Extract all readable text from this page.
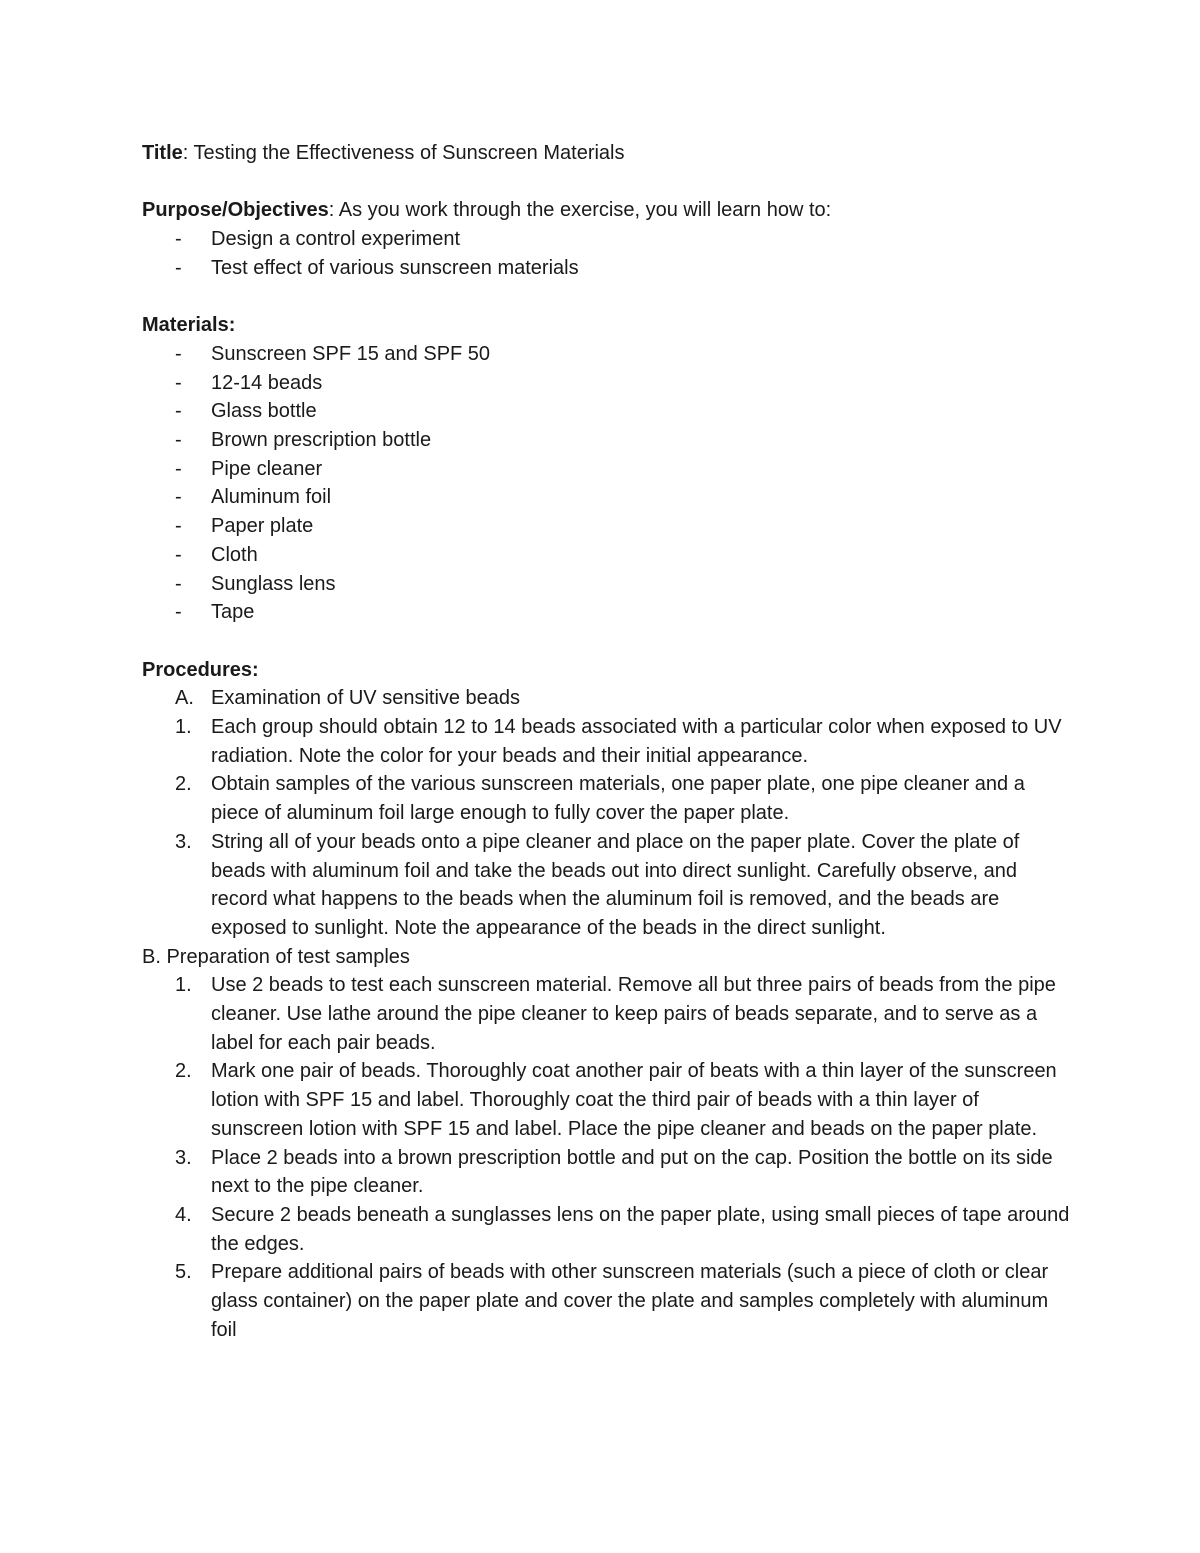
Title: Testing the Effectiveness of Sunscreen Materials

Purpose/Objectives: As you work through the exercise, you will learn how to:

- Design a control experiment
- Test effect of various sunscreen materials

Materials:

- Sunscreen SPF 15 and SPF 50
- 12-14 beads
- Glass bottle
- Brown prescription bottle
- Pipe cleaner
- Aluminum foil
- Paper plate
- Cloth
- Sunglass lens
- Tape

Procedures:

A. Examination of UV sensitive beads
1. Each group should obtain 12 to 14 beads associated with a particular color when exposed to UV radiation. Note the color for your beads and their initial appearance.
2. Obtain samples of the various sunscreen materials, one paper plate, one pipe cleaner and a piece of aluminum foil large enough to fully cover the paper plate.
3. String all of your beads onto a pipe cleaner and place on the paper plate. Cover the plate of beads with aluminum foil and take the beads out into direct sunlight. Carefully observe, and record what happens to the beads when the aluminum foil is removed, and the beads are exposed to sunlight. Note the appearance of the beads in the direct sunlight.

B. Preparation of test samples

1. Use 2 beads to test each sunscreen material. Remove all but three pairs of beads from the pipe cleaner. Use lathe around the pipe cleaner to keep pairs of beads separate, and to serve as a label for each pair beads.
2. Mark one pair of beads. Thoroughly coat another pair of beats with a thin layer of the sunscreen lotion with SPF 15 and label. Thoroughly coat the third pair of beads with a thin layer of sunscreen lotion with SPF 15 and label. Place the pipe cleaner and beads on the paper plate.
3. Place 2 beads into a brown prescription bottle and put on the cap. Position the bottle on its side next to the pipe cleaner.
4. Secure 2 beads beneath a sunglasses lens on the paper plate, using small pieces of tape around the edges.
5. Prepare additional pairs of beads with other sunscreen materials (such a piece of cloth or clear glass container) on the paper plate and cover the plate and samples completely with aluminum foil
